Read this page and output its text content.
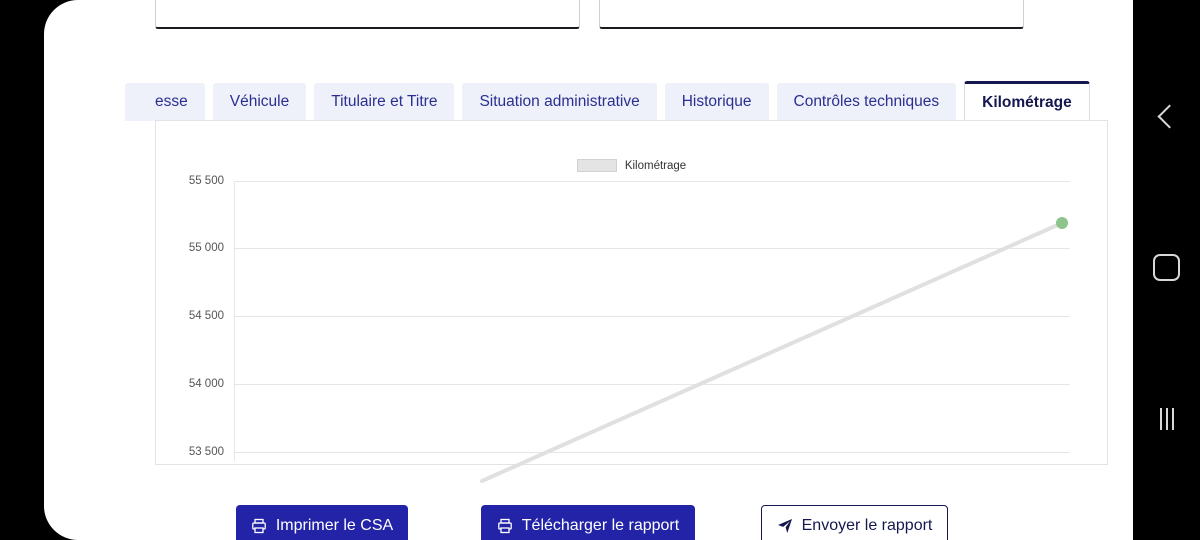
esse	Véhicule	Titulaire et Titre	Situation administrative	Historique	Contrôles techniques	Kilométrage
Kilométrage
55 500
55 000
54 500
54 000
53 500
Imprimer le CSA	Télécharger le rapport	Envoyer le rapport
